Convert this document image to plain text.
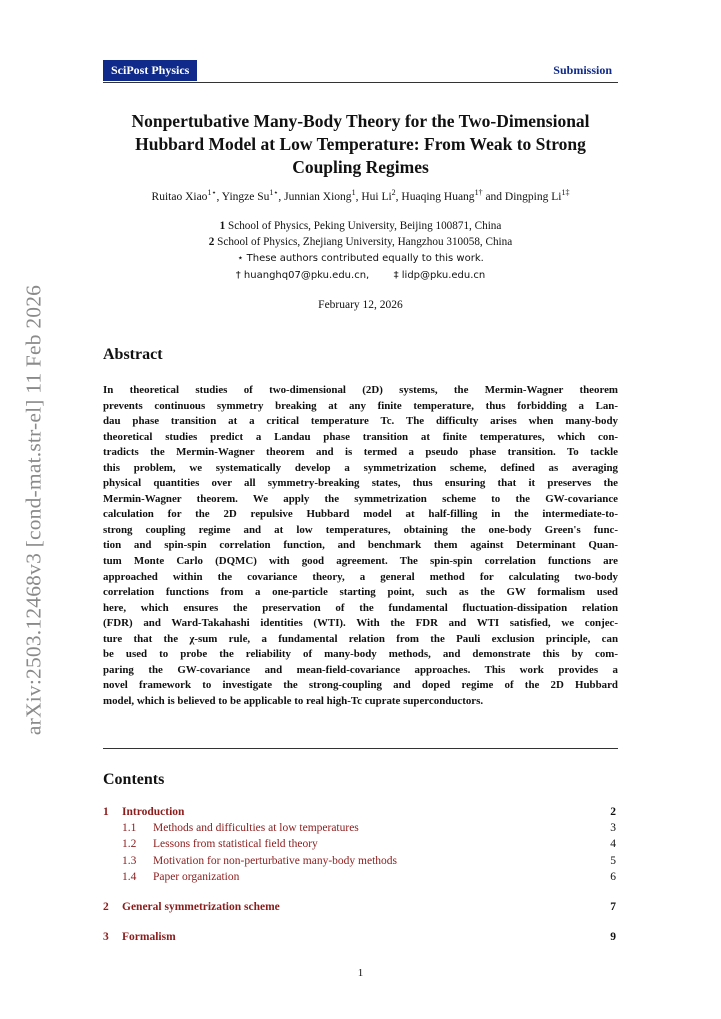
arXiv:2503.12468v3 [cond-mat.str-el] 11 Feb 2026
SciPost Physics	Submission
Nonpertubative Many-Body Theory for the Two-Dimensional
Hubbard Model at Low Temperature: From Weak to Strong
Coupling Regimes
Ruitao Xiao$^{1⋆}$, Yingze $Su^{1⋆}$, Junnian Xiong$^1$, Hui Li$^2$, Huaqing Huang$^{1\dagger}$ and Dingping $Li^{1\ddagger}$
1 School of Physics, Peking University, Beijing 100871, China
2 School of Physics, Zhejiang University, Hangzhou 310058, China
⋆ These authors contributed equally to this work.
† huanghq07@pku.edu.cn, ‡ lidp@pku.edu.cn
February 12, 2026
Abstract
In theoretical studies of two-dimensional (2D) systems, the Mermin-Wagner theorem
prevents continuous symmetry breaking at any finite temperature, thus forbidding a Lan-
dau phase transition at a critical temperature Tc. The difficulty arises when many-body
theoretical studies predict a Landau phase transition at finite temperatures, which con-
tradicts the Mermin-Wagner theorem and is termed a pseudo phase transition. To tackle
this problem, we systematically develop a symmetrization scheme, defined as averaging
physical quantities over all symmetry-breaking states, thus ensuring that it preserves the
Mermin-Wagner theorem. We apply the symmetrization scheme to the GW-covariance
calculation for the 2D repulsive Hubbard model at half-filling in the intermediate-to-
strong coupling regime and at low temperatures, obtaining the one-body Green's func-
tion and spin-spin correlation function, and benchmark them against Determinant Quan-
tum Monte Carlo (DQMC) with good agreement. The spin-spin correlation functions are
approached within the covariance theory, a general method for calculating two-body
correlation functions from a one-particle starting point, such as the GW formalism used
here, which ensures the preservation of the fundamental fluctuation-dissipation relation
(FDR) and Ward-Takahashi identities (WTI). With the FDR and WTI satisfied, we conjec-
ture that the χ-sum rule, a fundamental relation from the Pauli exclusion principle, can
be used to probe the reliability of many-body methods, and demonstrate this by com-
paring the GW-covariance and mean-field-covariance approaches. This work provides a
novel framework to investigate the strong-coupling and doped regime of the 2D Hubbard
model, which is believed to be applicable to real high-Tc cuprate superconductors.
Contents
1 Introduction	2
1.1 Methods and difficulties at low temperatures	3
1.2 Lessons from statistical field theory	4
1.3 Motivation for non-perturbative many-body methods	5
1.4 Paper organization	6
2 General symmetrization scheme	7
3 Formalism	9
1
